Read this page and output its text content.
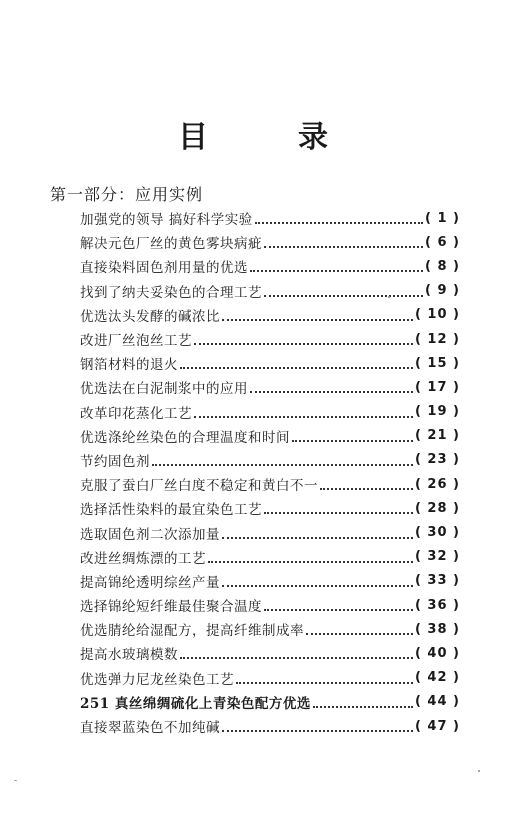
目	录
第一部分：应用实例
加强党的领导 搞好科学实验	( 1 )
解决元色厂丝的黄色雾块病疵	( 6 )
直接染料固色剂用量的优选	( 8 )
找到了纳夫妥染色的合理工艺	( 9 )
优选汰头发酵的碱浓比	( 10 )
改进厂丝泡丝工艺	( 12 )
钢箔材料的退火	( 15 )
优选法在白泥制浆中的应用	( 17 )
改革印花蒸化工艺	( 19 )
优选涤纶丝染色的合理温度和时间	( 21 )
节约固色剂	( 23 )
克服了蚕白厂丝白度不稳定和黄白不一	( 26 )
选择活性染料的最宜染色工艺	( 28 )
选取固色剂二次添加量	( 30 )
改进丝绸炼漂的工艺	( 32 )
提高锦纶透明综丝产量	( 33 )
选择锦纶短纤维最佳聚合温度	( 36 )
优选腈纶给湿配方，提高纤维制成率	( 38 )
提高水玻璃模数	( 40 )
优选弹力尼龙丝染色工艺	( 42 )
251 真丝绵绸硫化上青染色配方优选	( 44 )
直接翠蓝染色不加纯碱	( 47 )
